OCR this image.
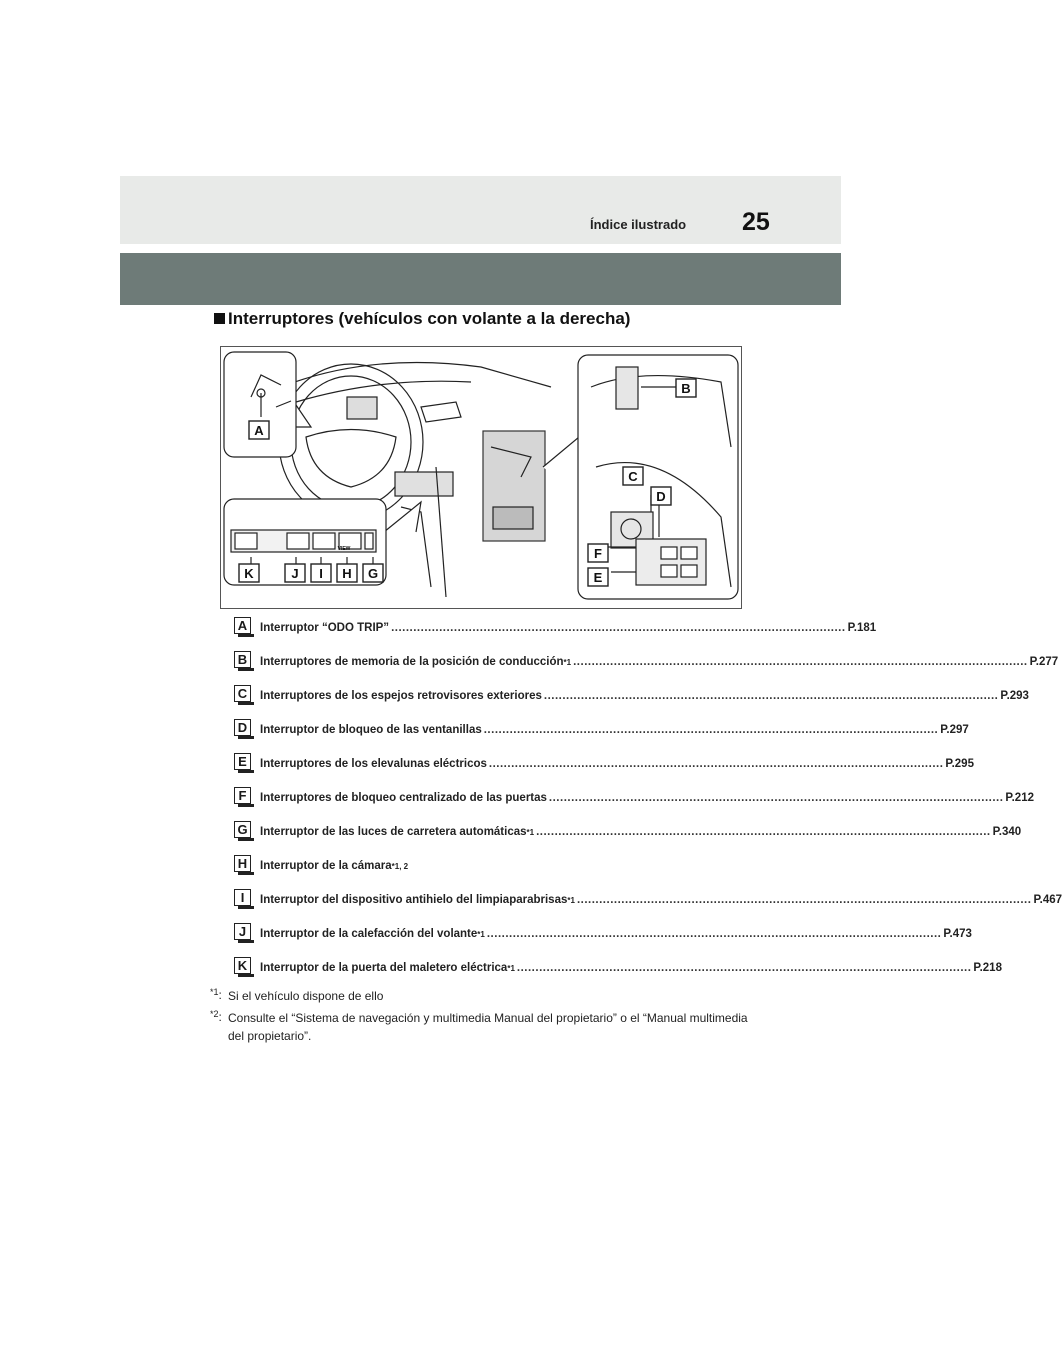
Índice ilustrado 25
Interruptores (vehículos con volante a la derecha)
A
B
C
D
E
F
G
H
I
J
K
VIEW
A	Interruptor “ODO TRIP” ........................................................................................................................... P.181
B	Interruptores de memoria de la posición de conducción *1 ........................................................................................................................... P.277
C	Interruptores de los espejos retrovisores exteriores ........................................................................................................................... P.293
D	Interruptor de bloqueo de las ventanillas ........................................................................................................................... P.297
E	Interruptores de los elevalunas eléctricos ........................................................................................................................... P.295
F	Interruptores de bloqueo centralizado de las puertas ........................................................................................................................... P.212
G Interruptor de las luces de carretera automáticas *1 ........................................................................................................................... P.340
H	Interruptor de la cámara *1, 2
I	Interruptor del dispositivo antihielo del limpiaparabrisas *1 ........................................................................................................................... P.467
J	Interruptor de la calefacción del volante *1 ........................................................................................................................... P.473
K	Interruptor de la puerta del maletero eléctrica *1 ........................................................................................................................... P.218
$*1_:$ Si el vehículo dispone de ello
$*2_:$ Consulte el “Sistema de navegación y multimedia Manual del propietario” o el “Manual multimedia del propietario”.
